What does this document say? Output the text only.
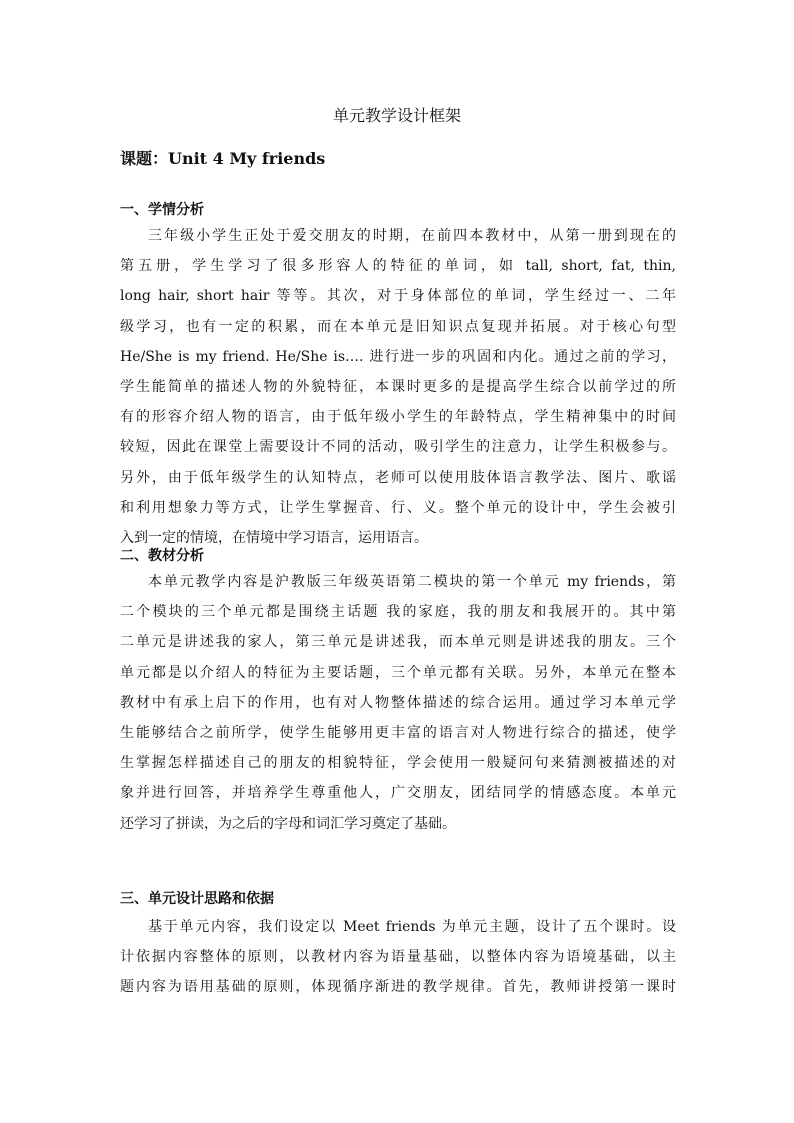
单元教学设计框架
课题：Unit 4 My friends
一、学情分析
三年级小学生正处于爱交朋友的时期，在前四本教材中，从第一册到现在的
第五册，学生学习了很多形容人的特征的单词，如 tall, short, fat, thin,
long hair, short hair 等等。其次，对于身体部位的单词，学生经过一、二年
级学习，也有一定的积累，而在本单元是旧知识点复现并拓展。对于核心句型
He/She is my friend. He/She is…. 进行进一步的巩固和内化。通过之前的学习，
学生能简单的描述人物的外貌特征，本课时更多的是提高学生综合以前学过的所
有的形容介绍人物的语言，由于低年级小学生的年龄特点，学生精神集中的时间
较短，因此在课堂上需要设计不同的活动，吸引学生的注意力，让学生积极参与。
另外，由于低年级学生的认知特点，老师可以使用肢体语言教学法、图片、歌谣
和利用想象力等方式，让学生掌握音、行、义。整个单元的设计中，学生会被引
入到一定的情境，在情境中学习语言，运用语言。
二、教材分析
本单元教学内容是沪教版三年级英语第二模块的第一个单元 my friends，第
二个模块的三个单元都是围绕主话题 我的家庭，我的朋友和我展开的。其中第
二单元是讲述我的家人，第三单元是讲述我，而本单元则是讲述我的朋友。三个
单元都是以介绍人的特征为主要话题，三个单元都有关联。另外，本单元在整本
教材中有承上启下的作用，也有对人物整体描述的综合运用。通过学习本单元学
生能够结合之前所学，使学生能够用更丰富的语言对人物进行综合的描述，使学
生掌握怎样描述自己的朋友的相貌特征，学会使用一般疑问句来猜测被描述的对
象并进行回答，并培养学生尊重他人，广交朋友，团结同学的情感态度。本单元
还学习了拼读，为之后的字母和词汇学习奠定了基础。
三、单元设计思路和依据
基于单元内容，我们设定以 Meet friends 为单元主题，设计了五个课时。设
计依据内容整体的原则，以教材内容为语量基础，以整体内容为语境基础，以主
题内容为语用基础的原则，体现循序渐进的教学规律。首先，教师讲授第一课时
